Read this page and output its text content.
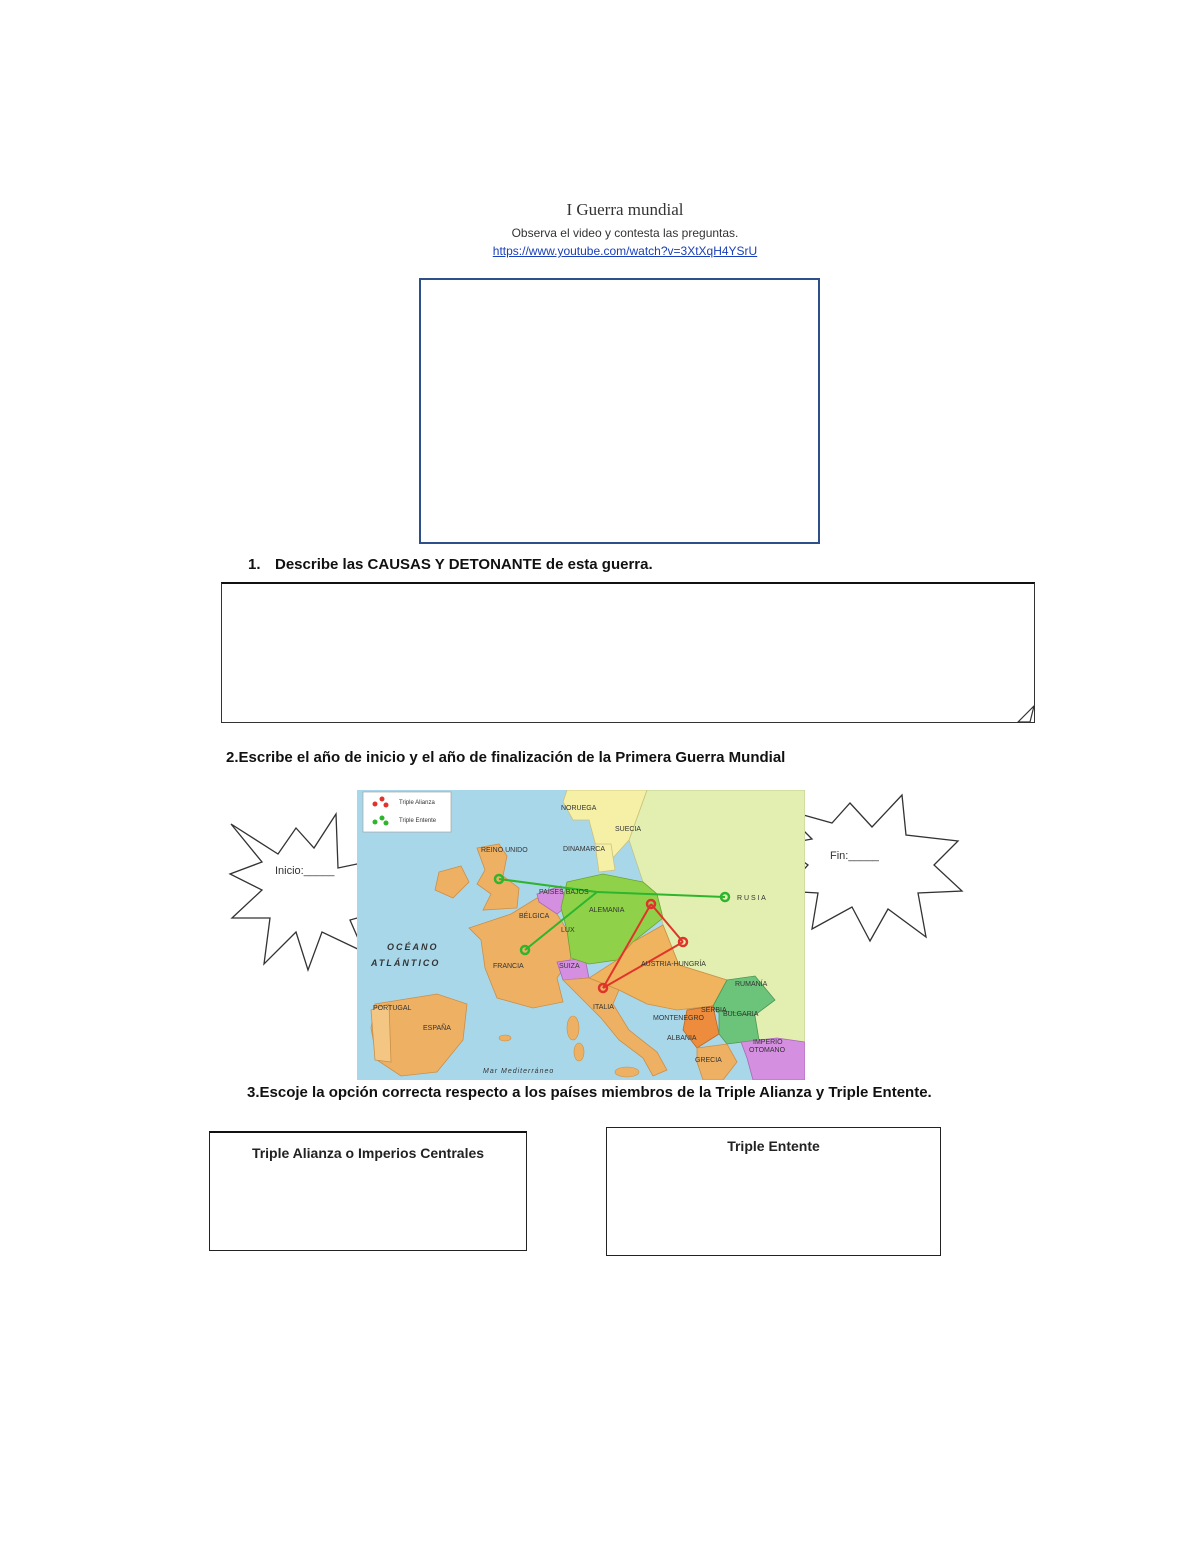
I Guerra mundial
Observa el video y contesta las preguntas.
https://www.youtube.com/watch?v=3XtXqH4YSrU
1. Describe las CAUSAS Y DETONANTE de esta guerra.
2.Escribe el año de inicio y el año de finalización de la Primera Guerra Mundial
Inicio:_____
Fin:_____
Triple Alianza
Triple Entente
NORUEGA
SUECIA
DINAMARCA
REINO UNIDO
PAÍSES BAJOS
BÉLGICA
LUX
ALEMANIA
R U S I A
OCÉANO
ATLÁNTICO	FRANCIA	SUIZA	AUSTRIA-HUNGRÍA
RUMANÍA
PORTUGAL
ESPAÑA
ITALIA	SERBIA
BULGARIA
MONTENEGRO
ALBANIA
IMPERIO
OTOMANO
GRECIA
Mar Mediterráneo
3.Escoje la opción correcta respecto a los países miembros de la Triple Alianza y Triple Entente.
Triple Alianza o Imperios Centrales	Triple Entente
